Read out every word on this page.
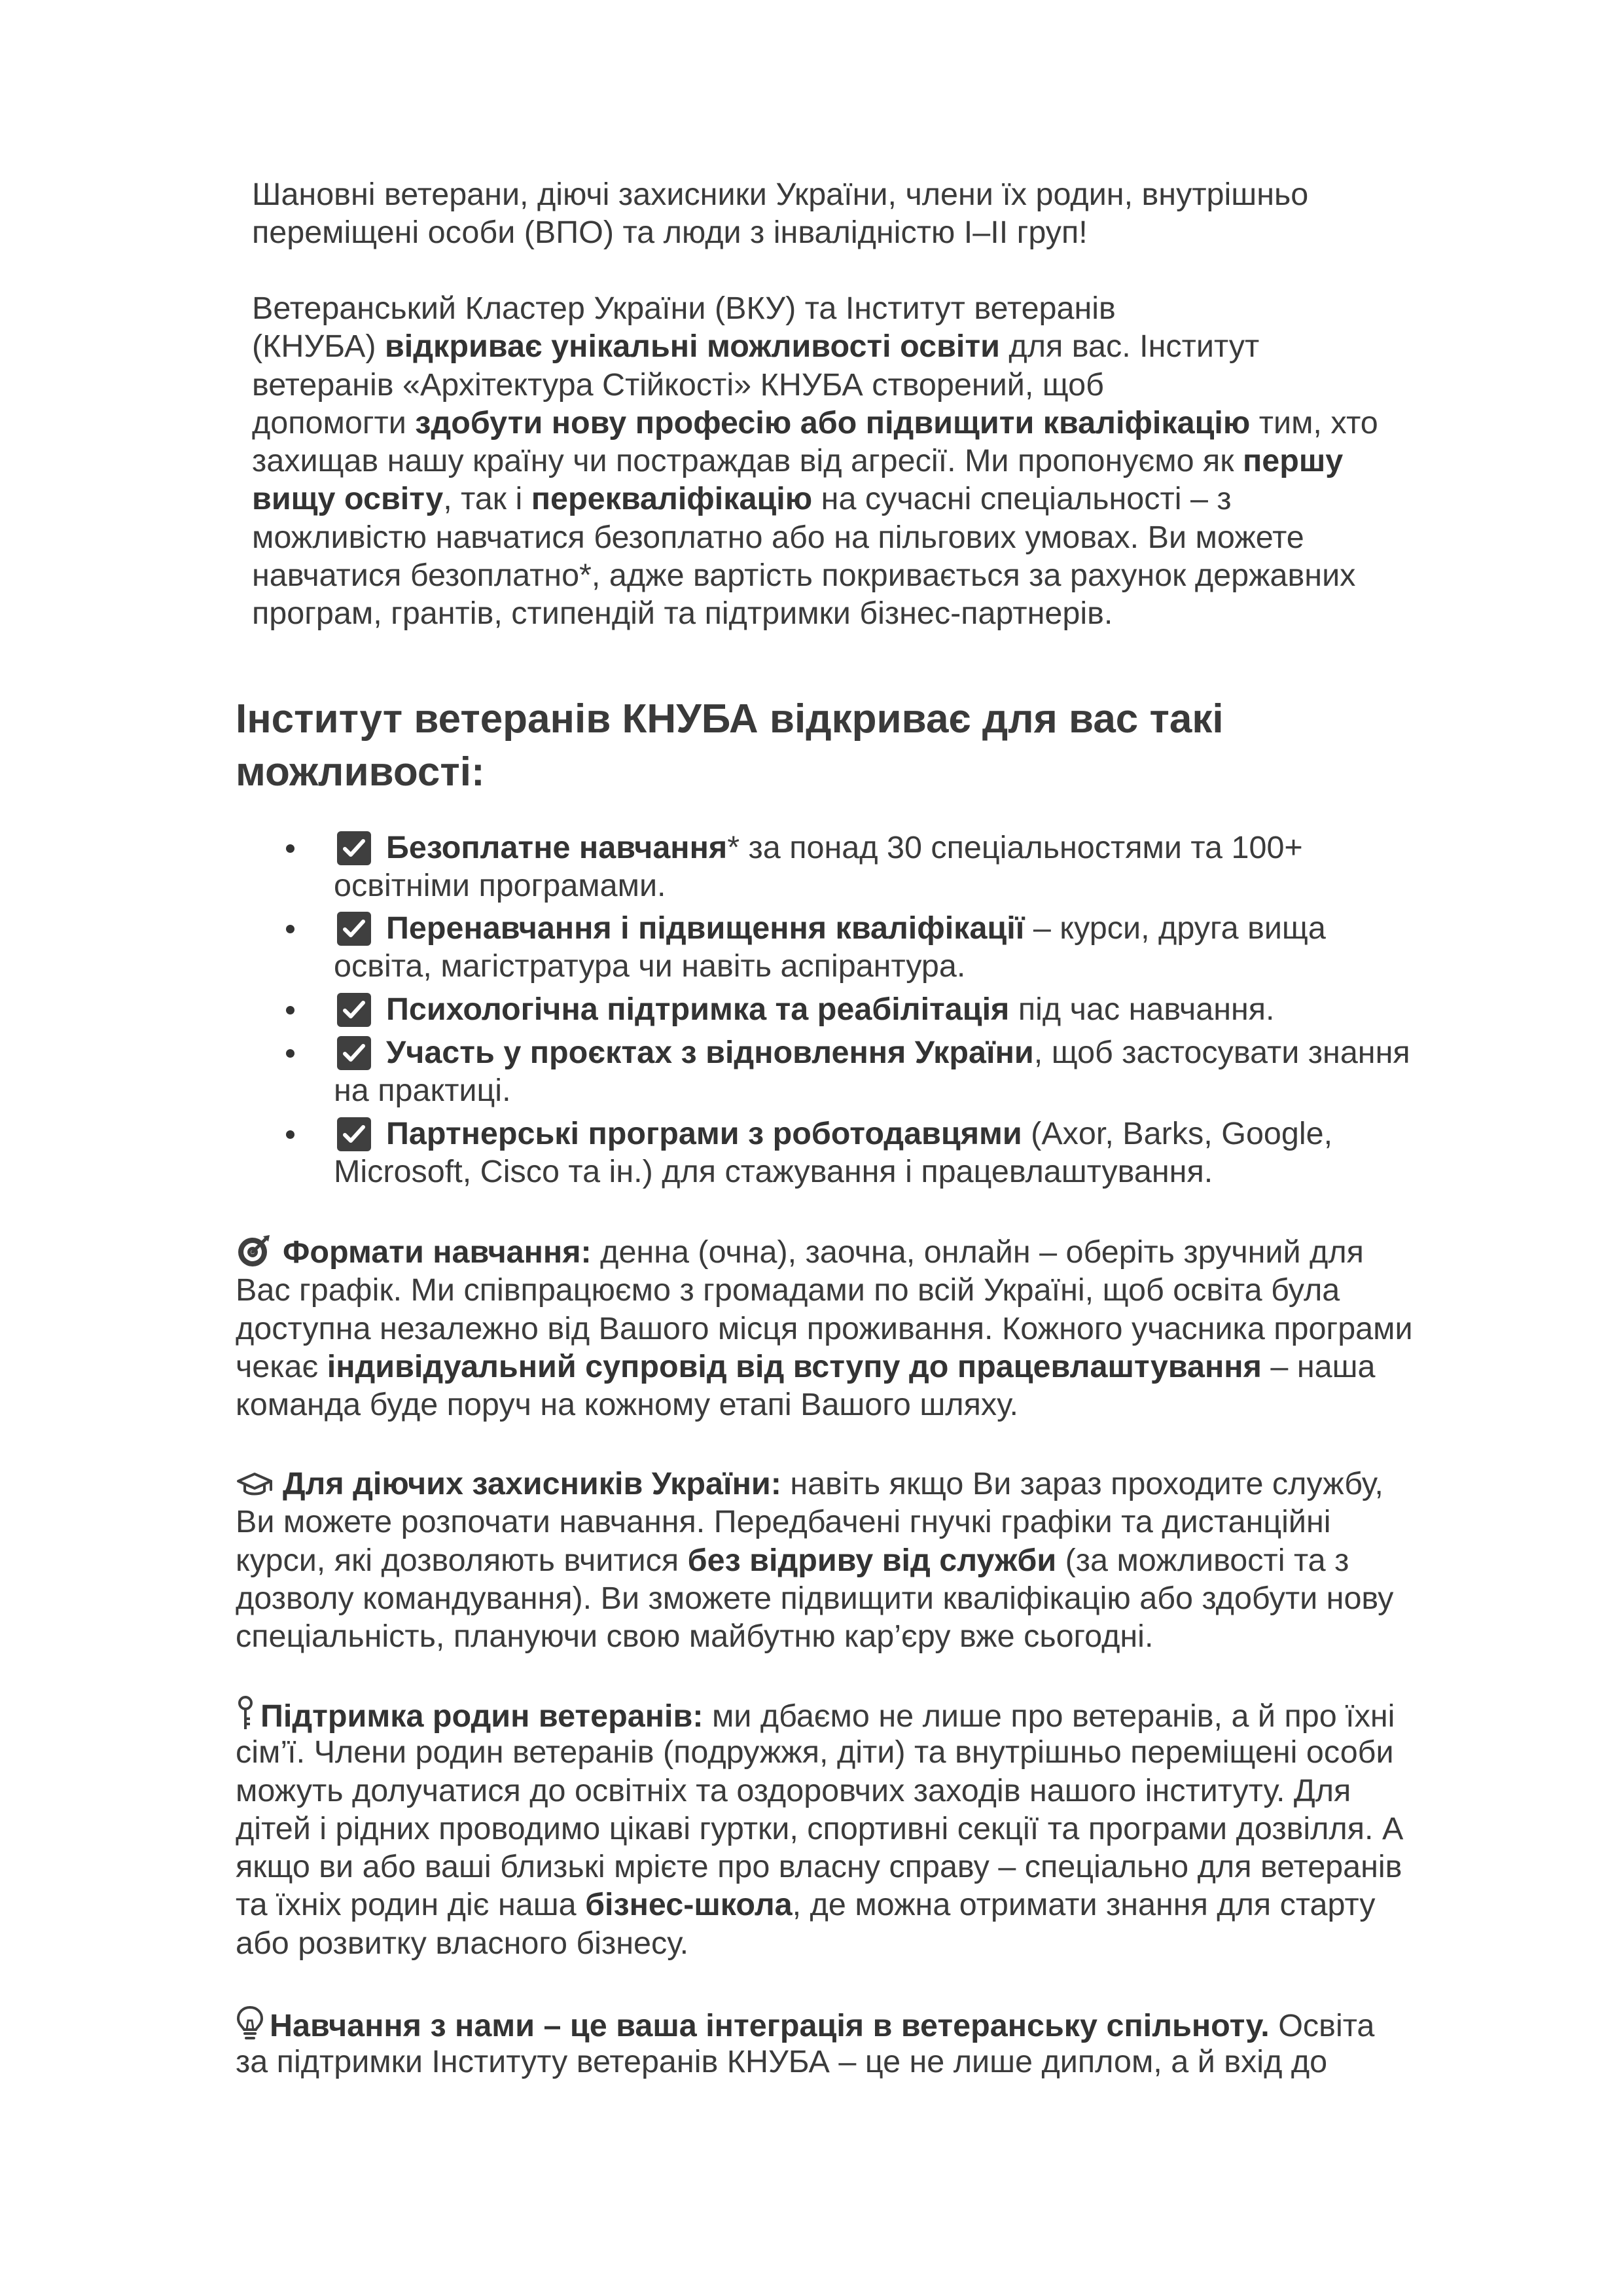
Шановні ветерани, діючі захисники України, члени їх родин, внутрішньо
переміщені особи (ВПО) та люди з інвалідністю I–II груп!

Ветеранський Кластер України (ВКУ) та Інститут ветеранів
(КНУБА) відкриває унікальні можливості освіти для вас. Інститут
ветеранів «Архітектура Стійкості» КНУБА створений, щоб
допомогти здобути нову професію або підвищити кваліфікацію тим, хто
захищав нашу країну чи постраждав від агресії. Ми пропонуємо як першу
вищу освіту, так і перекваліфікацію на сучасні спеціальності – з
можливістю навчатися безоплатно або на пільгових умовах. Ви можете
навчатися безоплатно*, адже вартість покривається за рахунок державних
програм, грантів, стипендій та підтримки бізнес-партнерів.

Інститут ветеранів КНУБА відкриває для вас такі
можливості:
Безоплатне навчання* за понад 30 спеціальностями та 100+
освітніми програмами.
Перенавчання і підвищення кваліфікації – курси, друга вища
освіта, магістратура чи навіть аспірантура.
Психологічна підтримка та реабілітація під час навчання.
Участь у проєктах з відновлення України, щоб застосувати знання
на практиці.
Партнерські програми з роботодавцями (Axor, Barks, Google,
Microsoft, Cisco та ін.) для стажування і працевлаштування.

Формати навчання: денна (очна), заочна, онлайн – оберіть зручний для
Вас графік. Ми співпрацюємо з громадами по всій Україні, щоб освіта була
доступна незалежно від Вашого місця проживання. Кожного учасника програми
чекає індивідуальний супровід від вступу до працевлаштування – наша
команда буде поруч на кожному етапі Вашого шляху.

Для діючих захисників України: навіть якщо Ви зараз проходите службу,
Ви можете розпочати навчання. Передбачені гнучкі графіки та дистанційні
курси, які дозволяють вчитися без відриву від служби (за можливості та з
дозволу командування). Ви зможете підвищити кваліфікацію або здобути нову
спеціальність, плануючи свою майбутню кар’єру вже сьогодні.

Підтримка родин ветеранів: ми дбаємо не лише про ветеранів, а й про їхні
сім’ї. Члени родин ветеранів (подружжя, діти) та внутрішньо переміщені особи
можуть долучатися до освітніх та оздоровчих заходів нашого інституту. Для
дітей і рідних проводимо цікаві гуртки, спортивні секції та програми дозвілля. А
якщо ви або ваші близькі мрієте про власну справу – спеціально для ветеранів
та їхніх родин діє наша бізнес-школа, де можна отримати знання для старту
або розвитку власного бізнесу.

Навчання з нами – це ваша інтеграція в ветеранську спільноту. Освіта
за підтримки Інституту ветеранів КНУБА – це не лише диплом, а й вхід до
